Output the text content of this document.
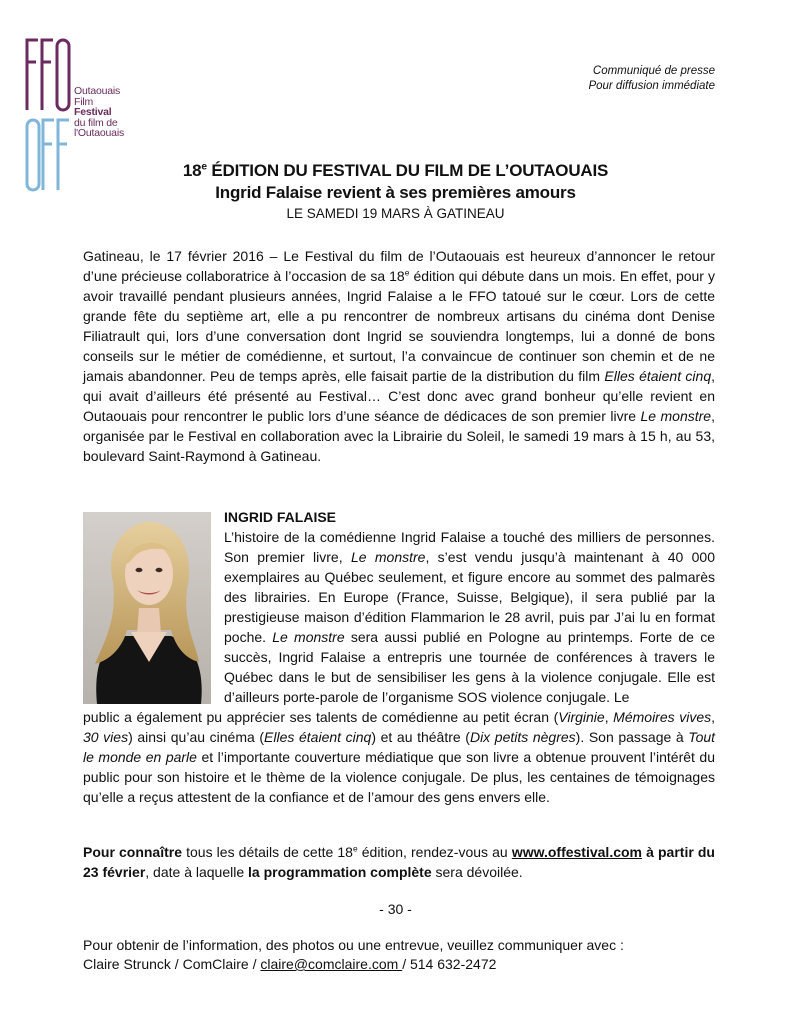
Outaouais
Film
Festival
du film de
l'Outaouais
Communiqué de presse
Pour diffusion immédiate
18e ÉDITION DU FESTIVAL DU FILM DE L’OUTAOUAIS
Ingrid Falaise revient à ses premières amours
LE SAMEDI 19 MARS À GATINEAU
Gatineau, le 17 février 2016 – Le Festival du film de l’Outaouais est heureux d’annoncer le retour d’une précieuse collaboratrice à l’occasion de sa 18e édition qui débute dans un mois. En effet, pour y avoir travaillé pendant plusieurs années, Ingrid Falaise a le FFO tatoué sur le cœur. Lors de cette grande fête du septième art, elle a pu rencontrer de nombreux artisans du cinéma dont Denise Filiatrault qui, lors d’une conversation dont Ingrid se souviendra longtemps, lui a donné de bons conseils sur le métier de comédienne, et surtout, l’a convaincue de continuer son chemin et de ne jamais abandonner. Peu de temps après, elle faisait partie de la distribution du film Elles étaient cinq, qui avait d’ailleurs été présenté au Festival… C’est donc avec grand bonheur qu’elle revient en Outaouais pour rencontrer le public lors d’une séance de dédicaces de son premier livre Le monstre, organisée par le Festival en collaboration avec la Librairie du Soleil, le samedi 19 mars à 15 h, au 53, boulevard Saint-Raymond à Gatineau.
INGRID FALAISE
L’histoire de la comédienne Ingrid Falaise a touché des milliers de personnes. Son premier livre, Le monstre, s’est vendu jusqu’à maintenant à 40 000 exemplaires au Québec seulement, et figure encore au sommet des palmarès des librairies. En Europe (France, Suisse, Belgique), il sera publié par la prestigieuse maison d’édition Flammarion le 28 avril, puis par J’ai lu en format poche. Le monstre sera aussi publié en Pologne au printemps. Forte de ce succès, Ingrid Falaise a entrepris une tournée de conférences à travers le Québec dans le but de sensibiliser les gens à la violence conjugale. Elle est d’ailleurs porte-parole de l’organisme SOS violence conjugale. Le
public a également pu apprécier ses talents de comédienne au petit écran (Virginie, Mémoires vives, 30 vies) ainsi qu’au cinéma (Elles étaient cinq) et au théâtre (Dix petits nègres). Son passage à Tout le monde en parle et l’importante couverture médiatique que son livre a obtenue prouvent l’intérêt du public pour son histoire et le thème de la violence conjugale. De plus, les centaines de témoignages qu’elle a reçus attestent de la confiance et de l’amour des gens envers elle.
Pour connaître tous les détails de cette 18e édition, rendez-vous au www.offestival.com à partir du 23 février, date à laquelle la programmation complète sera dévoilée.
- 30 -
Pour obtenir de l’information, des photos ou une entrevue, veuillez communiquer avec :
Claire Strunck / ComClaire / claire@comclaire.com / 514 632-2472
